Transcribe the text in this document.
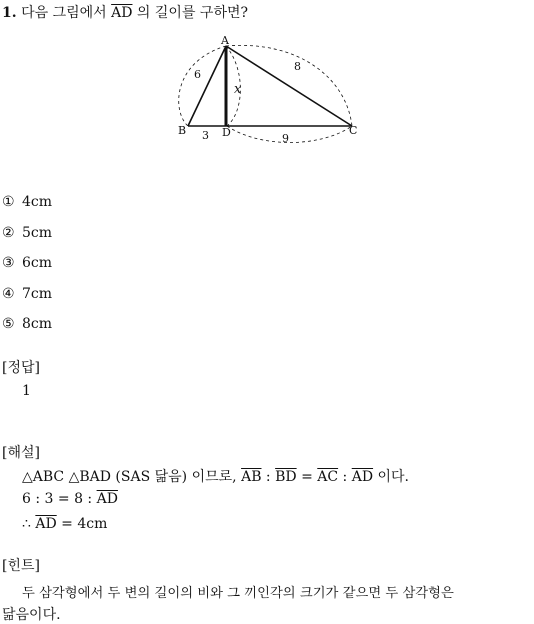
1. 다음 그림에서 $\overline{AD}$ 의 길이를 구하면?
A
B	C
D
6
8
x
3	9
① 4cm
② 5cm
③ 6cm
④ 7cm
⑤ 8cm
[정답]
1
[해설]
△ABC △BAD (SAS 닮음) 이므로, $\overline{AB}$ : $\overline{BD} = \overline{AC}$ : $\overline{AD}$ 이다.
6 : 3 = 8 : $\overline{AD}$
∴ $\overline{AD} = 4cm$
[힌트]
두 삼각형에서 두 변의 길이의 비와 그 끼인각의 크기가 같으면 두 삼각형은
닮음이다.
